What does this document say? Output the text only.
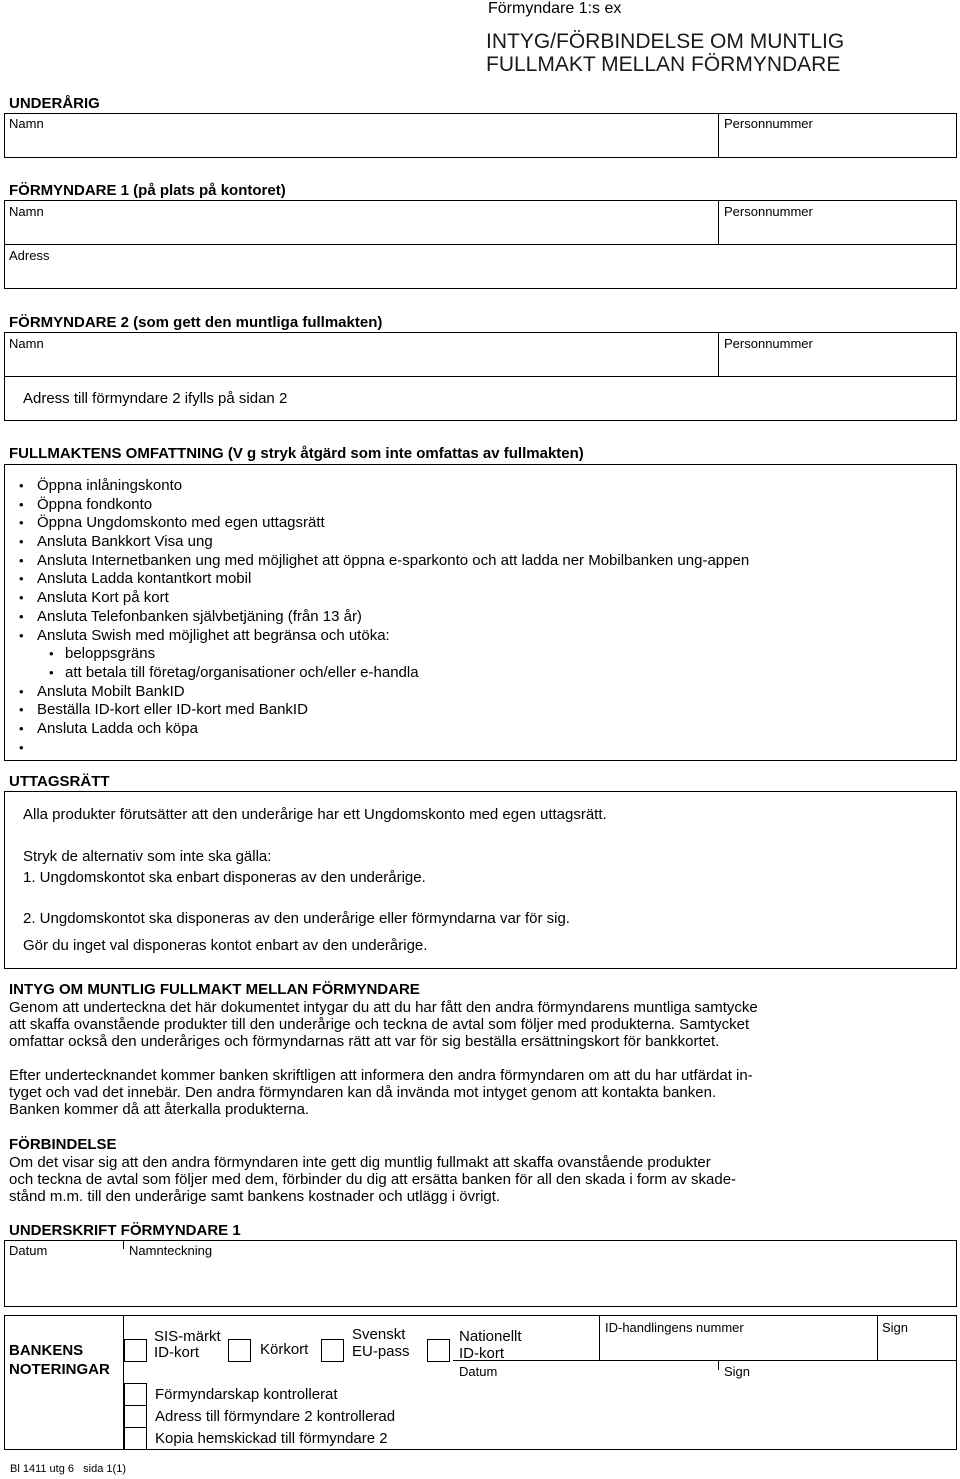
Förmyndare 1:s ex
INTYG/FÖRBINDELSE OM MUNTLIG
FULLMAKT MELLAN FÖRMYNDARE
UNDERÅRIG
Namn	Personnummer
FÖRMYNDARE 1 (på plats på kontoret)
Namn	Personnummer
Adress
FÖRMYNDARE 2 (som gett den muntliga fullmakten)
Namn	Personnummer
Adress till förmyndare 2 ifylls på sidan 2
FULLMAKTENS OMFATTNING (V g stryk åtgärd som inte omfattas av fullmakten)
• Öppna inlåningskonto
• Öppna fondkonto
• Öppna Ungdomskonto med egen uttagsrätt
• Ansluta Bankkort Visa ung
• Ansluta Internetbanken ung med möjlighet att öppna e-sparkonto och att ladda ner Mobilbanken ung-appen
• Ansluta Ladda kontantkort mobil
• Ansluta Kort på kort
• Ansluta Telefonbanken självbetjäning (från 13 år)
• Ansluta Swish med möjlighet att begränsa och utöka:
• beloppsgräns
• att betala till företag/organisationer och/eller e-handla
• Ansluta Mobilt BankID
• Beställa ID-kort eller ID-kort med BankID
• Ansluta Ladda och köpa
•
UTTAGSRÄTT
Alla produkter förutsätter att den underårige har ett Ungdomskonto med egen uttagsrätt.
Stryk de alternativ som inte ska gälla:
1. Ungdomskontot ska enbart disponeras av den underårige.
2. Ungdomskontot ska disponeras av den underårige eller förmyndarna var för sig.
Gör du inget val disponeras kontot enbart av den underårige.
INTYG OM MUNTLIG FULLMAKT MELLAN FÖRMYNDARE
Genom att underteckna det här dokumentet intygar du att du har fått den andra förmyndarens muntliga samtycke
att skaffa ovanstående produkter till den underårige och teckna de avtal som följer med produkterna. Samtycket
omfattar också den underåriges och förmyndarnas rätt att var för sig beställa ersättningskort för bankkortet.
Efter undertecknandet kommer banken skriftligen att informera den andra förmyndaren om att du har utfärdat in-
tyget och vad det innebär. Den andra förmyndaren kan då invända mot intyget genom att kontakta banken.
Banken kommer då att återkalla produkterna.
FÖRBINDELSE
Om det visar sig att den andra förmyndaren inte gett dig muntlig fullmakt att skaffa ovanstående produkter
och teckna de avtal som följer med dem, förbinder du dig att ersätta banken för all den skada i form av skade-
stånd m.m. till den underårige samt bankens kostnader och utlägg i övrigt.
UNDERSKRIFT FÖRMYNDARE 1
Datum	Namnteckning
BANKENS
NOTERINGAR
SIS-märkt
ID-kort	Körkort
Svenskt
EU-pass
Nationellt
ID-kort
ID-handlingens nummer	Sign
Datum	Sign
Förmyndarskap kontrollerat
Adress till förmyndare 2 kontrollerad
Kopia hemskickad till förmyndare 2
Bl 1411 utg 6   sida 1(1)
